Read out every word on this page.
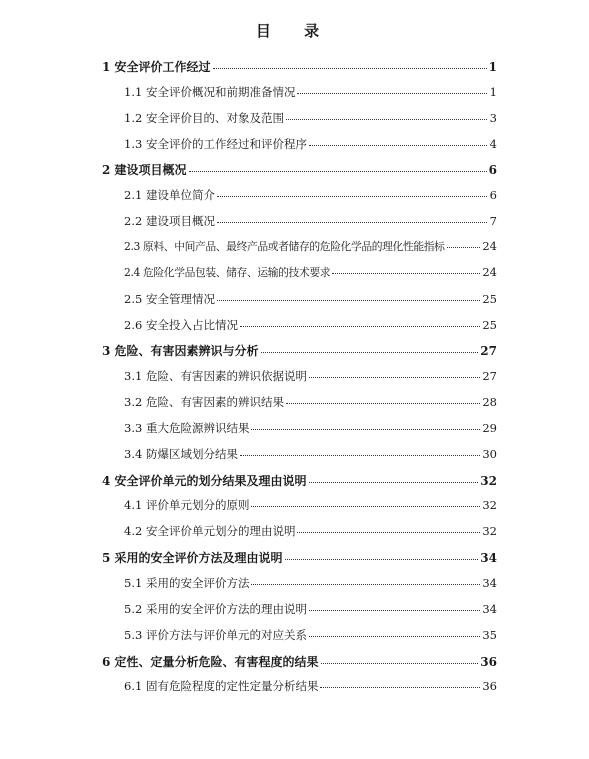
目 录
1 安全评价工作经过	1
1.1 安全评价概况和前期准备情况	1
1.2 安全评价目的、对象及范围	3
1.3 安全评价的工作经过和评价程序	4
2 建设项目概况	6
2.1 建设单位简介	6
2.2 建设项目概况	7
2.3 原料、中间产品、最终产品或者储存的危险化学品的理化性能指标	24
2.4 危险化学品包装、储存、运输的技术要求	24
2.5 安全管理情况	25
2.6 安全投入占比情况	25
3 危险、有害因素辨识与分析	27
3.1 危险、有害因素的辨识依据说明	27
3.2 危险、有害因素的辨识结果	28
3.3 重大危险源辨识结果	29
3.4 防爆区域划分结果	30
4 安全评价单元的划分结果及理由说明	32
4.1 评价单元划分的原则	32
4.2 安全评价单元划分的理由说明	32
5 采用的安全评价方法及理由说明	34
5.1 采用的安全评价方法	34
5.2 采用的安全评价方法的理由说明	34
5.3 评价方法与评价单元的对应关系	35
6 定性、定量分析危险、有害程度的结果	36
6.1 固有危险程度的定性定量分析结果	36
